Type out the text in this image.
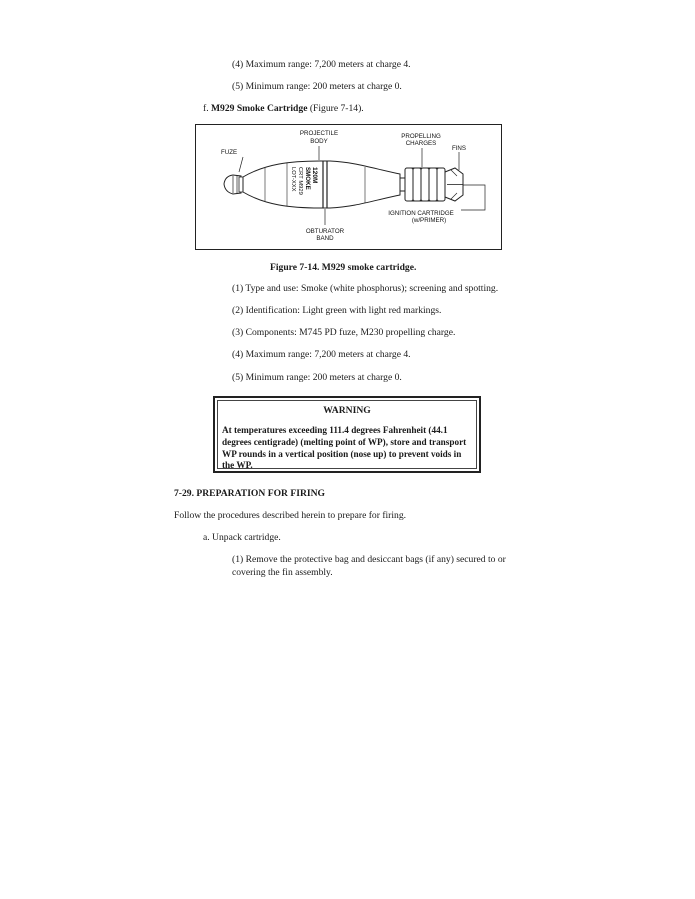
(4) Maximum range: 7,200 meters at charge 4.
(5) Minimum range: 200 meters at charge 0.
f. M929 Smoke Cartridge (Figure 7-14).
120M
SMOKE
CRT M929
LOT-XXX
PROJECTILE
BODY
FUZE
PROPELLING
CHARGES
FINS
IGNITION CARTRIDGE
(w/PRIMER)
OBTURATOR
BAND
Figure 7-14. M929 smoke cartridge.
(1) Type and use: Smoke (white phosphorus); screening and spotting.
(2) Identification: Light green with light red markings.
(3) Components: M745 PD fuze, M230 propelling charge.
(4) Maximum range: 7,200 meters at charge 4.
(5) Minimum range: 200 meters at charge 0.
WARNING
At temperatures exceeding 111.4 degrees Fahrenheit (44.1 degrees centigrade) (melting point of WP), store and transport WP rounds in a vertical position (nose up) to prevent voids in the WP.
7-29. PREPARATION FOR FIRING
Follow the procedures described herein to prepare for firing.
a. Unpack cartridge.
(1) Remove the protective bag and desiccant bags (if any) secured to or covering the fin assembly.
